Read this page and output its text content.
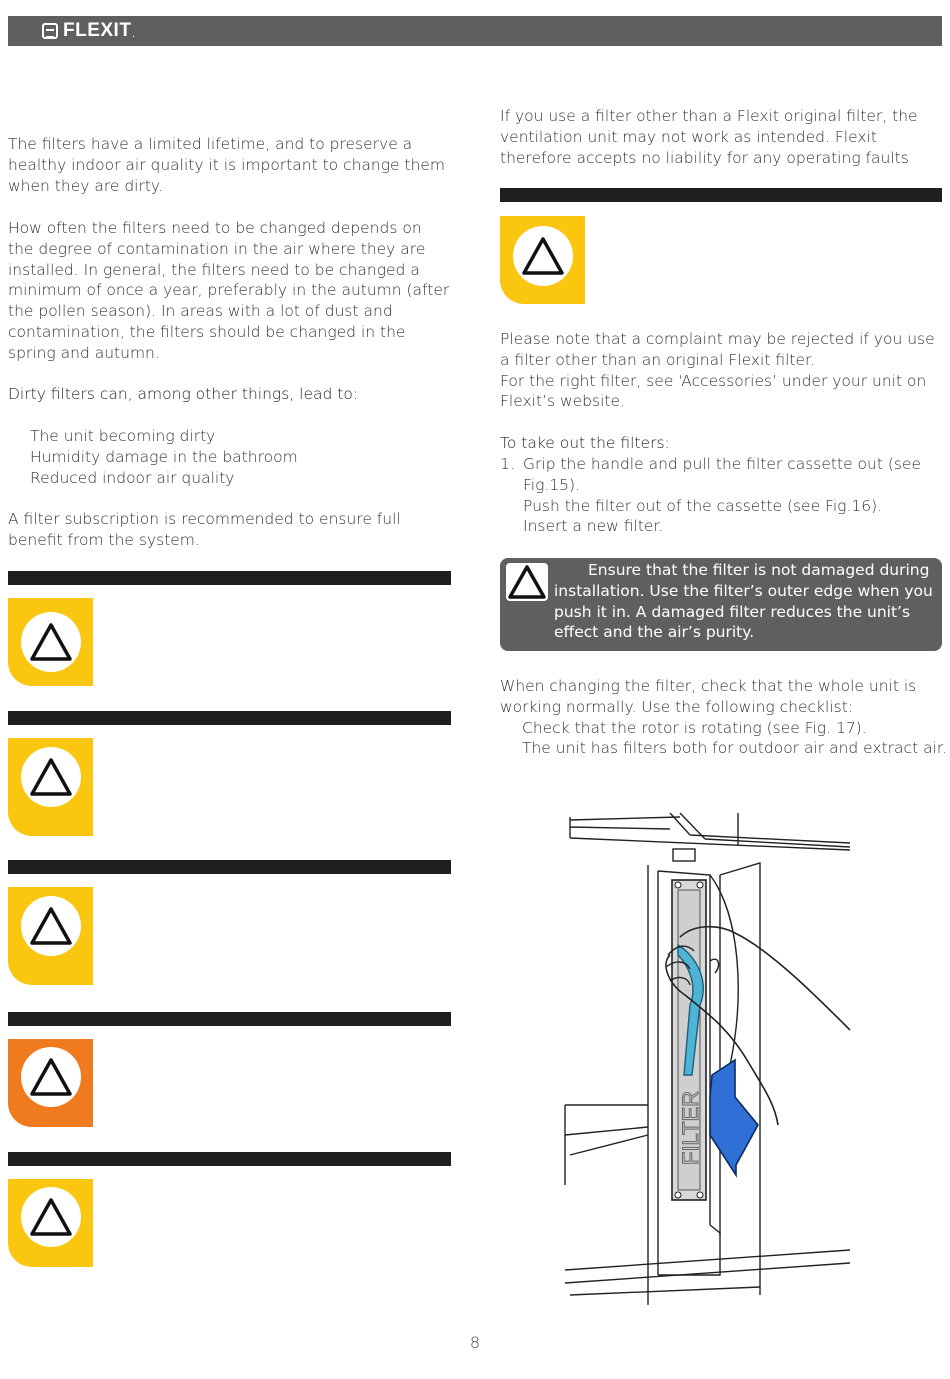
FLEXIT .

The filters have a limited lifetime, and to preserve a healthy indoor air quality it is important to change them when they are dirty.

How often the filters need to be changed depends on the degree of contamination in the air where they are installed. In general, the filters need to be changed a minimum of once a year, preferably in the autumn (after the pollen season). In areas with a lot of dust and contamination, the filters should be changed in the spring and autumn.

Dirty filters can, among other things, lead to:

The unit becoming dirty

Humidity damage in the bathroom

Reduced indoor air quality

A filter subscription is recommended to ensure full benefit from the system.

If you use a filter other than a Flexit original filter, the ventilation unit may not work as intended. Flexit therefore accepts no liability for any operating faults

Please note that a complaint may be rejected if you use a filter other than an original Flexit filter.

For the right filter, see ‘Accessories’ under your unit on Flexit’s website.

To take out the filters:

1. Grip the handle and pull the filter cassette out (see Fig.15).

Push the filter out of the cassette (see Fig.16).

Insert a new filter.

Ensure that the filter is not damaged during installation. Use the filter’s outer edge when you push it in. A damaged filter reduces the unit’s effect and the air’s purity.

When changing the filter, check that the whole unit is working normally. Use the following checklist:

Check that the rotor is rotating (see Fig. 17).

The unit has filters both for outdoor air and extract air.

FILTER
8
